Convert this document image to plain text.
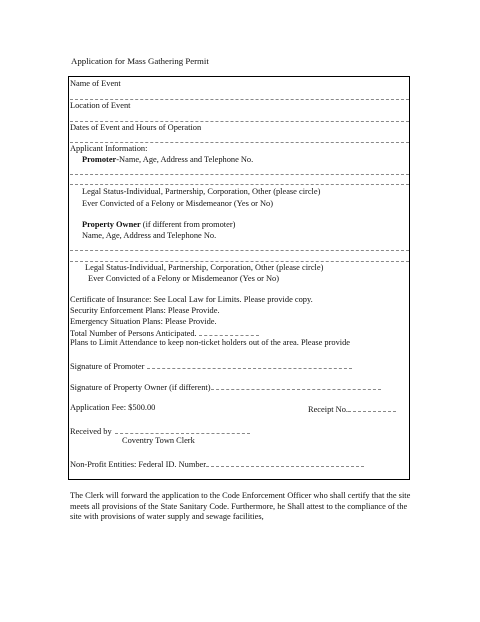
Application for Mass Gathering Permit
Name of Event
Location of Event
Dates of Event and Hours of Operation
Applicant Information:
Promoter-Name, Age, Address and Telephone No.
Legal Status-Individual, Partnership, Corporation, Other (please circle)
Ever Convicted of a Felony or Misdemeanor (Yes or No)
Property Owner (if different from promoter)
Name, Age, Address and Telephone No.
Legal Status-Individual, Partnership, Corporation, Other (please circle)
Ever Convicted of a Felony or Misdemeanor (Yes or No)
Certificate of Insurance: See Local Law for Limits. Please provide copy.
Security Enforcement Plans: Please Provide.
Emergency Situation Plans: Please Provide.
Total Number of Persons Anticipated.
Plans to Limit Attendance to keep non-ticket holders out of the area. Please provide
Signature of Promoter
Signature of Property Owner (if different)
Application Fee: $500.00	Receipt No.
Received by
Coventry Town Clerk
Non-Profit Entities: Federal ID. Number
The Clerk will forward the application to the Code Enforcement Officer who shall certify that the site meets all provisions of the State Sanitary Code. Furthermore, he Shall attest to the compliance of the site with provisions of water supply and sewage facilities,
